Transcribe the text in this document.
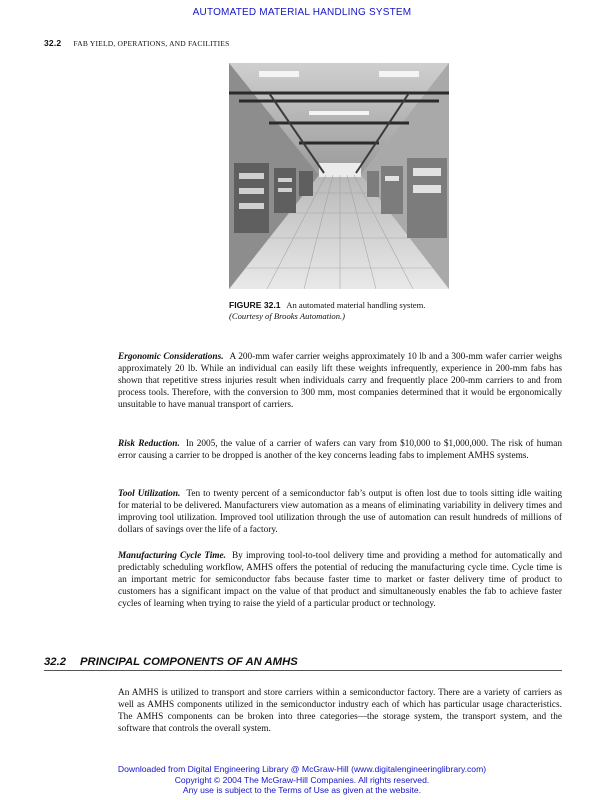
AUTOMATED MATERIAL HANDLING SYSTEM
32.2 FAB YIELD, OPERATIONS, AND FACILITIES
FIGURE 32.1 An automated material handling system.
(Courtesy of Brooks Automation.)

Ergonomic Considerations. A 200-mm wafer carrier weighs approximately 10 lb and a 300-mm wafer carrier weighs approximately 20 lb. While an individual can easily lift these weights infrequently, experience in 200-mm fabs has shown that repetitive stress injuries result when individuals carry and frequently place 200-mm carriers to and from process tools. Therefore, with the conversion to 300 mm, most companies determined that it would be ergonomically unsuitable to have manual transport of carriers.

Risk Reduction. In 2005, the value of a carrier of wafers can vary from $10,000 to $1,000,000. The risk of human error causing a carrier to be dropped is another of the key concerns leading fabs to implement AMHS systems.

Tool Utilization. Ten to twenty percent of a semiconductor fab’s output is often lost due to tools sitting idle waiting for material to be delivered. Manufacturers view automation as a means of eliminating variability in delivery times and improving tool utilization. Improved tool utilization through the use of automation can result hundreds of millions of dollars of savings over the life of a factory.

Manufacturing Cycle Time. By improving tool-to-tool delivery time and providing a method for automatically and predictably scheduling workflow, AMHS offers the potential of reducing the manufacturing cycle time. Cycle time is an important metric for semiconductor fabs because faster time to market or faster delivery time of product to customers has a significant impact on the value of that product and simultaneously enables the fab to achieve faster cycles of learning when trying to raise the yield of a particular product or technology.

32.2 PRINCIPAL COMPONENTS OF AN AMHS

An AMHS is utilized to transport and store carriers within a semiconductor factory. There are a variety of carriers as well as AMHS components utilized in the semiconductor industry each of which has particular usage characteristics. The AMHS components can be broken into three categories—the storage system, the transport system, and the software that controls the overall system.

Downloaded from Digital Engineering Library @ McGraw-Hill (www.digitalengineeringlibrary.com)
Copyright © 2004 The McGraw-Hill Companies. All rights reserved.
Any use is subject to the Terms of Use as given at the website.
